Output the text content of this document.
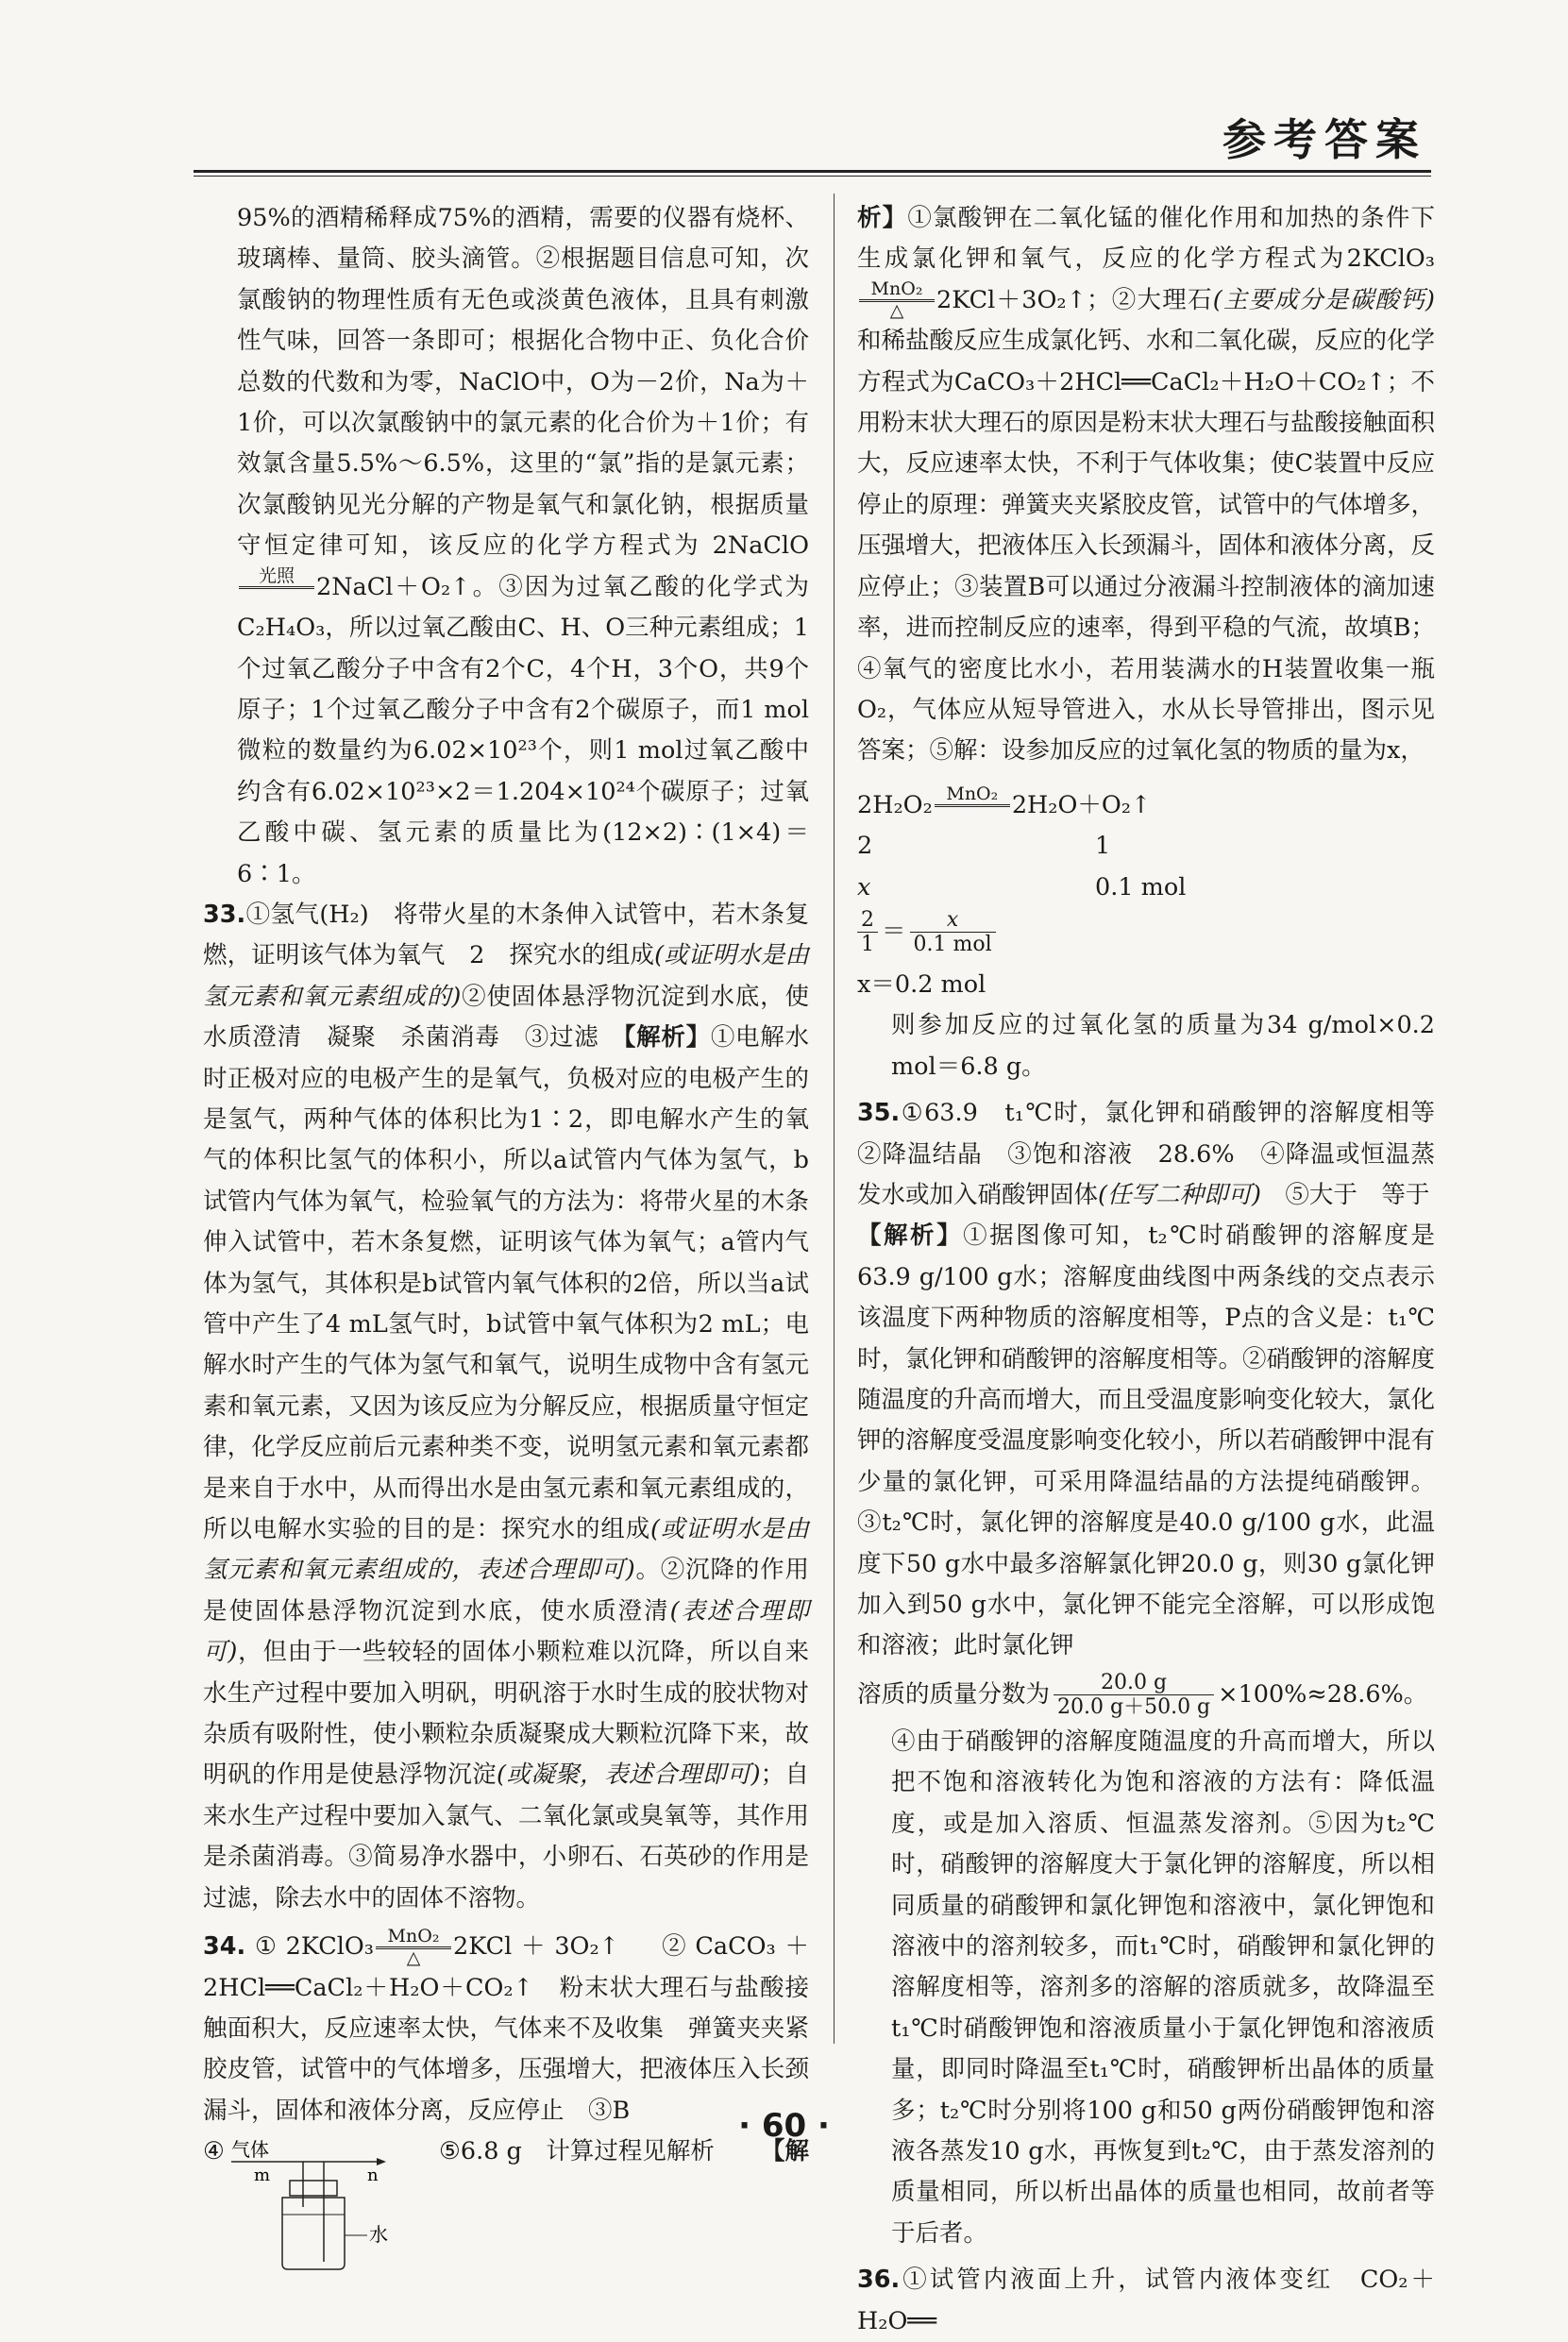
参考答案

95%的酒精稀释成75%的酒精，需要的仪器有烧杯、玻璃棒、量筒、胶头滴管。②根据题目信息可知，次氯酸钠的物理性质有无色或淡黄色液体，且具有刺激性气味，回答一条即可；根据化合物中正、负化合价总数的代数和为零，NaClO中，O为－2价，Na为＋1价，可以次氯酸钠中的氯元素的化合价为＋1价；有效氯含量5.5%～6.5%，这里的“氯”指的是氯元素；次氯酸钠见光分解的产物是氧气和氯化钠，根据质量守恒定律可知，该反应的化学方程式为 2NaClO
光照
2NaCl＋O₂↑。③因为过氧乙酸的化学式为C₂H₄O₃，所以过氧乙酸由C、H、O三种元素组成；1个过氧乙酸分子中含有2个C，4个H，3个O，共9个原子；1个过氧乙酸分子中含有2个碳原子，而1 mol微粒的数量约为6.02×10²³个，则1 mol过氧乙酸中约含有6.02×10²³×2＝1.204×10²⁴个碳原子；过氧乙酸中碳、氢元素的质量比为(12×2)∶(1×4)＝6∶1。

33.①氢气(H₂)　将带火星的木条伸入试管中，若木条复燃，证明该气体为氧气　2　探究水的组成(或证明水是由氢元素和氧元素组成的)②使固体悬浮物沉淀到水底，使水质澄清　凝聚　杀菌消毒　③过滤　 【解析】①电解水时正极对应的电极产生的是氧气，负极对应的电极产生的是氢气，两种气体的体积比为1∶2，即电解水产生的氧气的体积比氢气的体积小，所以a试管内气体为氢气，b试管内气体为氧气，检验氧气的方法为：将带火星的木条伸入试管中，若木条复燃，证明该气体为氧气；a管内气体为氢气，其体积是b试管内氧气体积的2倍，所以当a试管中产生了4 mL氢气时，b试管中氧气体积为2 mL；电解水时产生的气体为氢气和氧气，说明生成物中含有氢元素和氧元素，又因为该反应为分解反应，根据质量守恒定律，化学反应前后元素种类不变，说明氢元素和氧元素都是来自于水中，从而得出水是由氢元素和氧元素组成的，所以电解水实验的目的是：探究水的组成(或证明水是由氢元素和氧元素组成的，表述合理即可)。②沉降的作用是使固体悬浮物沉淀到水底，使水质澄清(表述合理即可)，但由于一些较轻的固体小颗粒难以沉降，所以自来水生产过程中要加入明矾，明矾溶于水时生成的胶状物对杂质有吸附性，使小颗粒杂质凝聚成大颗粒沉降下来，故明矾的作用是使悬浮物沉淀(或凝聚，表述合理即可)；自来水生产过程中要加入氯气、二氧化氯或臭氧等，其作用是杀菌消毒。③简易净水器中，小卵石、石英砂的作用是过滤，除去水中的固体不溶物。

34.①2KClO₃ MnO₂
△	2KCl＋3O₂↑　②CaCO₃＋2HCl══CaCl₂＋H₂O＋CO₂↑　粉末状大理石与盐酸接触面积大，反应速率太快，气体来不及收集　弹簧夹夹紧胶皮管，试管中的气体增多，压强增大，把液体压入长颈漏斗，固体和液体分离，反应停止　③B

④ 气体
m	n
水
⑤6.8 g　计算过程见解析 【解

析】①氯酸钾在二氧化锰的催化作用和加热的条件下生成氯化钾和氧气，反应的化学方程式为2KClO₃
MnO₂
△	2KCl＋3O₂↑；②大理石(主要成分是碳酸钙)和稀盐酸反应生成氯化钙、水和二氧化碳，反应的化学方程式为CaCO₃＋2HCl══CaCl₂＋H₂O＋CO₂↑；不用粉末状大理石的原因是粉末状大理石与盐酸接触面积大，反应速率太快，不利于气体收集；使C装置中反应停止的原理：弹簧夹夹紧胶皮管，试管中的气体增多，压强增大，把液体压入长颈漏斗，固体和液体分离，反应停止；③装置B可以通过分液漏斗控制液体的滴加速率，进而控制反应的速率，得到平稳的气流，故填B；④氧气的密度比水小，若用装满水的H装置收集一瓶O₂，气体应从短导管进入，水从长导管排出，图示见答案；⑤解：设参加反应的过氧化氢的物质的量为x，

2H₂O₂ MnO₂
2H₂O＋O₂↑
2	1
x	0.1 mol
$\frac{2}{1} = \frac{x}{\text{0.1 mol}}$
x＝0.2 mol

则参加反应的过氧化氢的质量为34 g/mol×0.2 mol＝6.8 g。

35.①63.9　t₁℃时，氯化钾和硝酸钾的溶解度相等　②降温结晶　③饱和溶液　28.6%　④降温或恒温蒸发水或加入硝酸钾固体(任写二种即可)　⑤大于　等于

【解析】①据图像可知，t₂℃时硝酸钾的溶解度是63.9 g/100 g水；溶解度曲线图中两条线的交点表示该温度下两种物质的溶解度相等，P点的含义是：t₁℃时，氯化钾和硝酸钾的溶解度相等。②硝酸钾的溶解度随温度的升高而增大，而且受温度影响变化较大，氯化钾的溶解度受温度影响变化较小，所以若硝酸钾中混有少量的氯化钾，可采用降温结晶的方法提纯硝酸钾。③t₂℃时，氯化钾的溶解度是40.0 g/100 g水，此温度下50 g水中最多溶解氯化钾20.0 g，则30 g氯化钾加入到50 g水中，氯化钾不能完全溶解，可以形成饱和溶液；此时氯化钾

溶质的质量分数为 $\frac{20.0 g}{20.0 g+50.0 g} \times 100\%\approx 28.6\%$。

④由于硝酸钾的溶解度随温度的升高而增大，所以把不饱和溶液转化为饱和溶液的方法有：降低温度，或是加入溶质、恒温蒸发溶剂。⑤因为t₂℃时，硝酸钾的溶解度大于氯化钾的溶解度，所以相同质量的硝酸钾和氯化钾饱和溶液中，氯化钾饱和溶液中的溶剂较多，而t₁℃时，硝酸钾和氯化钾的溶解度相等，溶剂多的溶解的溶质就多，故降温至t₁℃时硝酸钾饱和溶液质量小于氯化钾饱和溶液质量，即同时降温至t₁℃时，硝酸钾析出晶体的质量多；t₂℃时分别将100 g和50 g两份硝酸钾饱和溶液各蒸发10 g水，再恢复到t₂℃，由于蒸发溶剂的质量相同，所以析出晶体的质量也相同，故前者等于后者。

36.①试管内液面上升，试管内液体变红　CO₂＋H₂O══

· 60 ·
